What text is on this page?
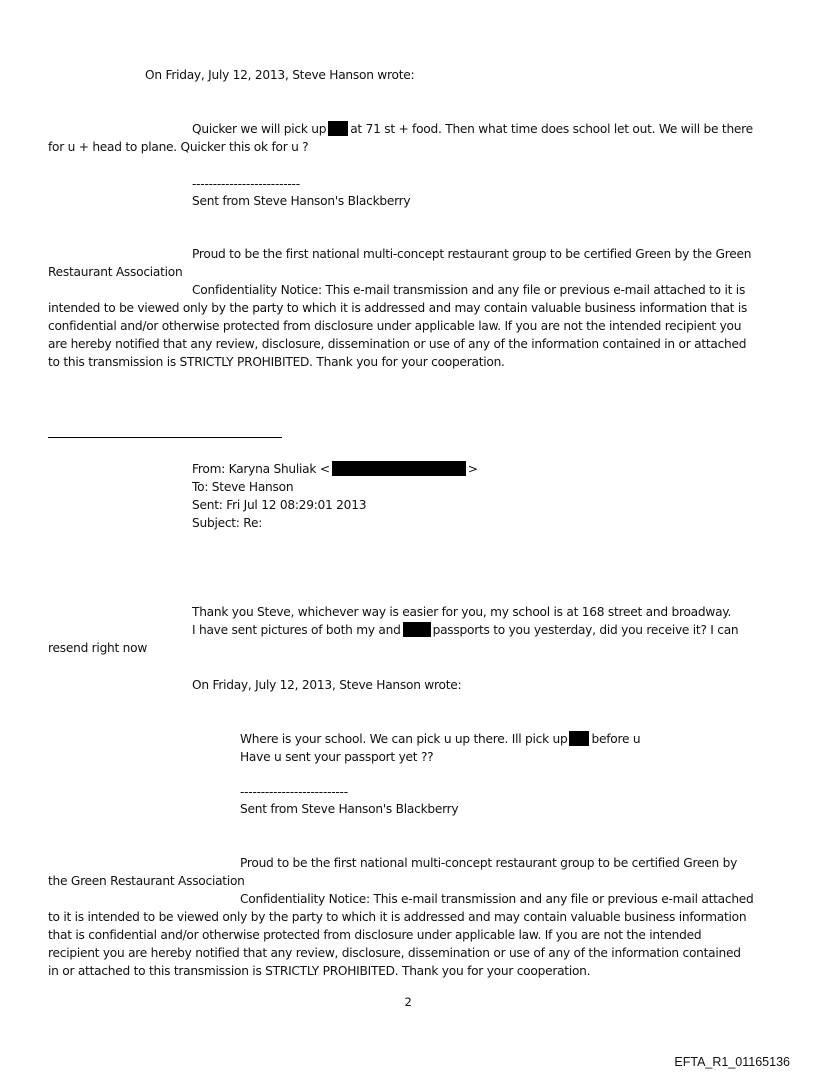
On Friday, July 12, 2013, Steve Hanson wrote:
Quicker we will pick up at 71 st + food. Then what time does school let out. We will be there
for u + head to plane. Quicker this ok for u ?
--------------------------
Sent from Steve Hanson's Blackberry
Proud to be the first national multi-concept restaurant group to be certified Green by the Green
Restaurant Association
Confidentiality Notice: This e-mail transmission and any file or previous e-mail attached to it is
intended to be viewed only by the party to which it is addressed and may contain valuable business information that is
confidential and/or otherwise protected from disclosure under applicable law. If you are not the intended recipient you
are hereby notified that any review, disclosure, dissemination or use of any of the information contained in or attached
to this transmission is STRICTLY PROHIBITED. Thank you for your cooperation.
From: Karyna Shuliak <	>
To: Steve Hanson
Sent: Fri Jul 12 08:29:01 2013
Subject: Re:
Thank you Steve, whichever way is easier for you, my school is at 168 street and broadway.
I have sent pictures of both my and	passports to you yesterday, did you receive it? I can
resend right now
On Friday, July 12, 2013, Steve Hanson wrote:
Where is your school. We can pick u up there. Ill pick up before u
Have u sent your passport yet ??
--------------------------
Sent from Steve Hanson's Blackberry
Proud to be the first national multi-concept restaurant group to be certified Green by
the Green Restaurant Association
Confidentiality Notice: This e-mail transmission and any file or previous e-mail attached
to it is intended to be viewed only by the party to which it is addressed and may contain valuable business information
that is confidential and/or otherwise protected from disclosure under applicable law. If you are not the intended
recipient you are hereby notified that any review, disclosure, dissemination or use of any of the information contained
in or attached to this transmission is STRICTLY PROHIBITED. Thank you for your cooperation.
2
EFTA_R1_01165136
